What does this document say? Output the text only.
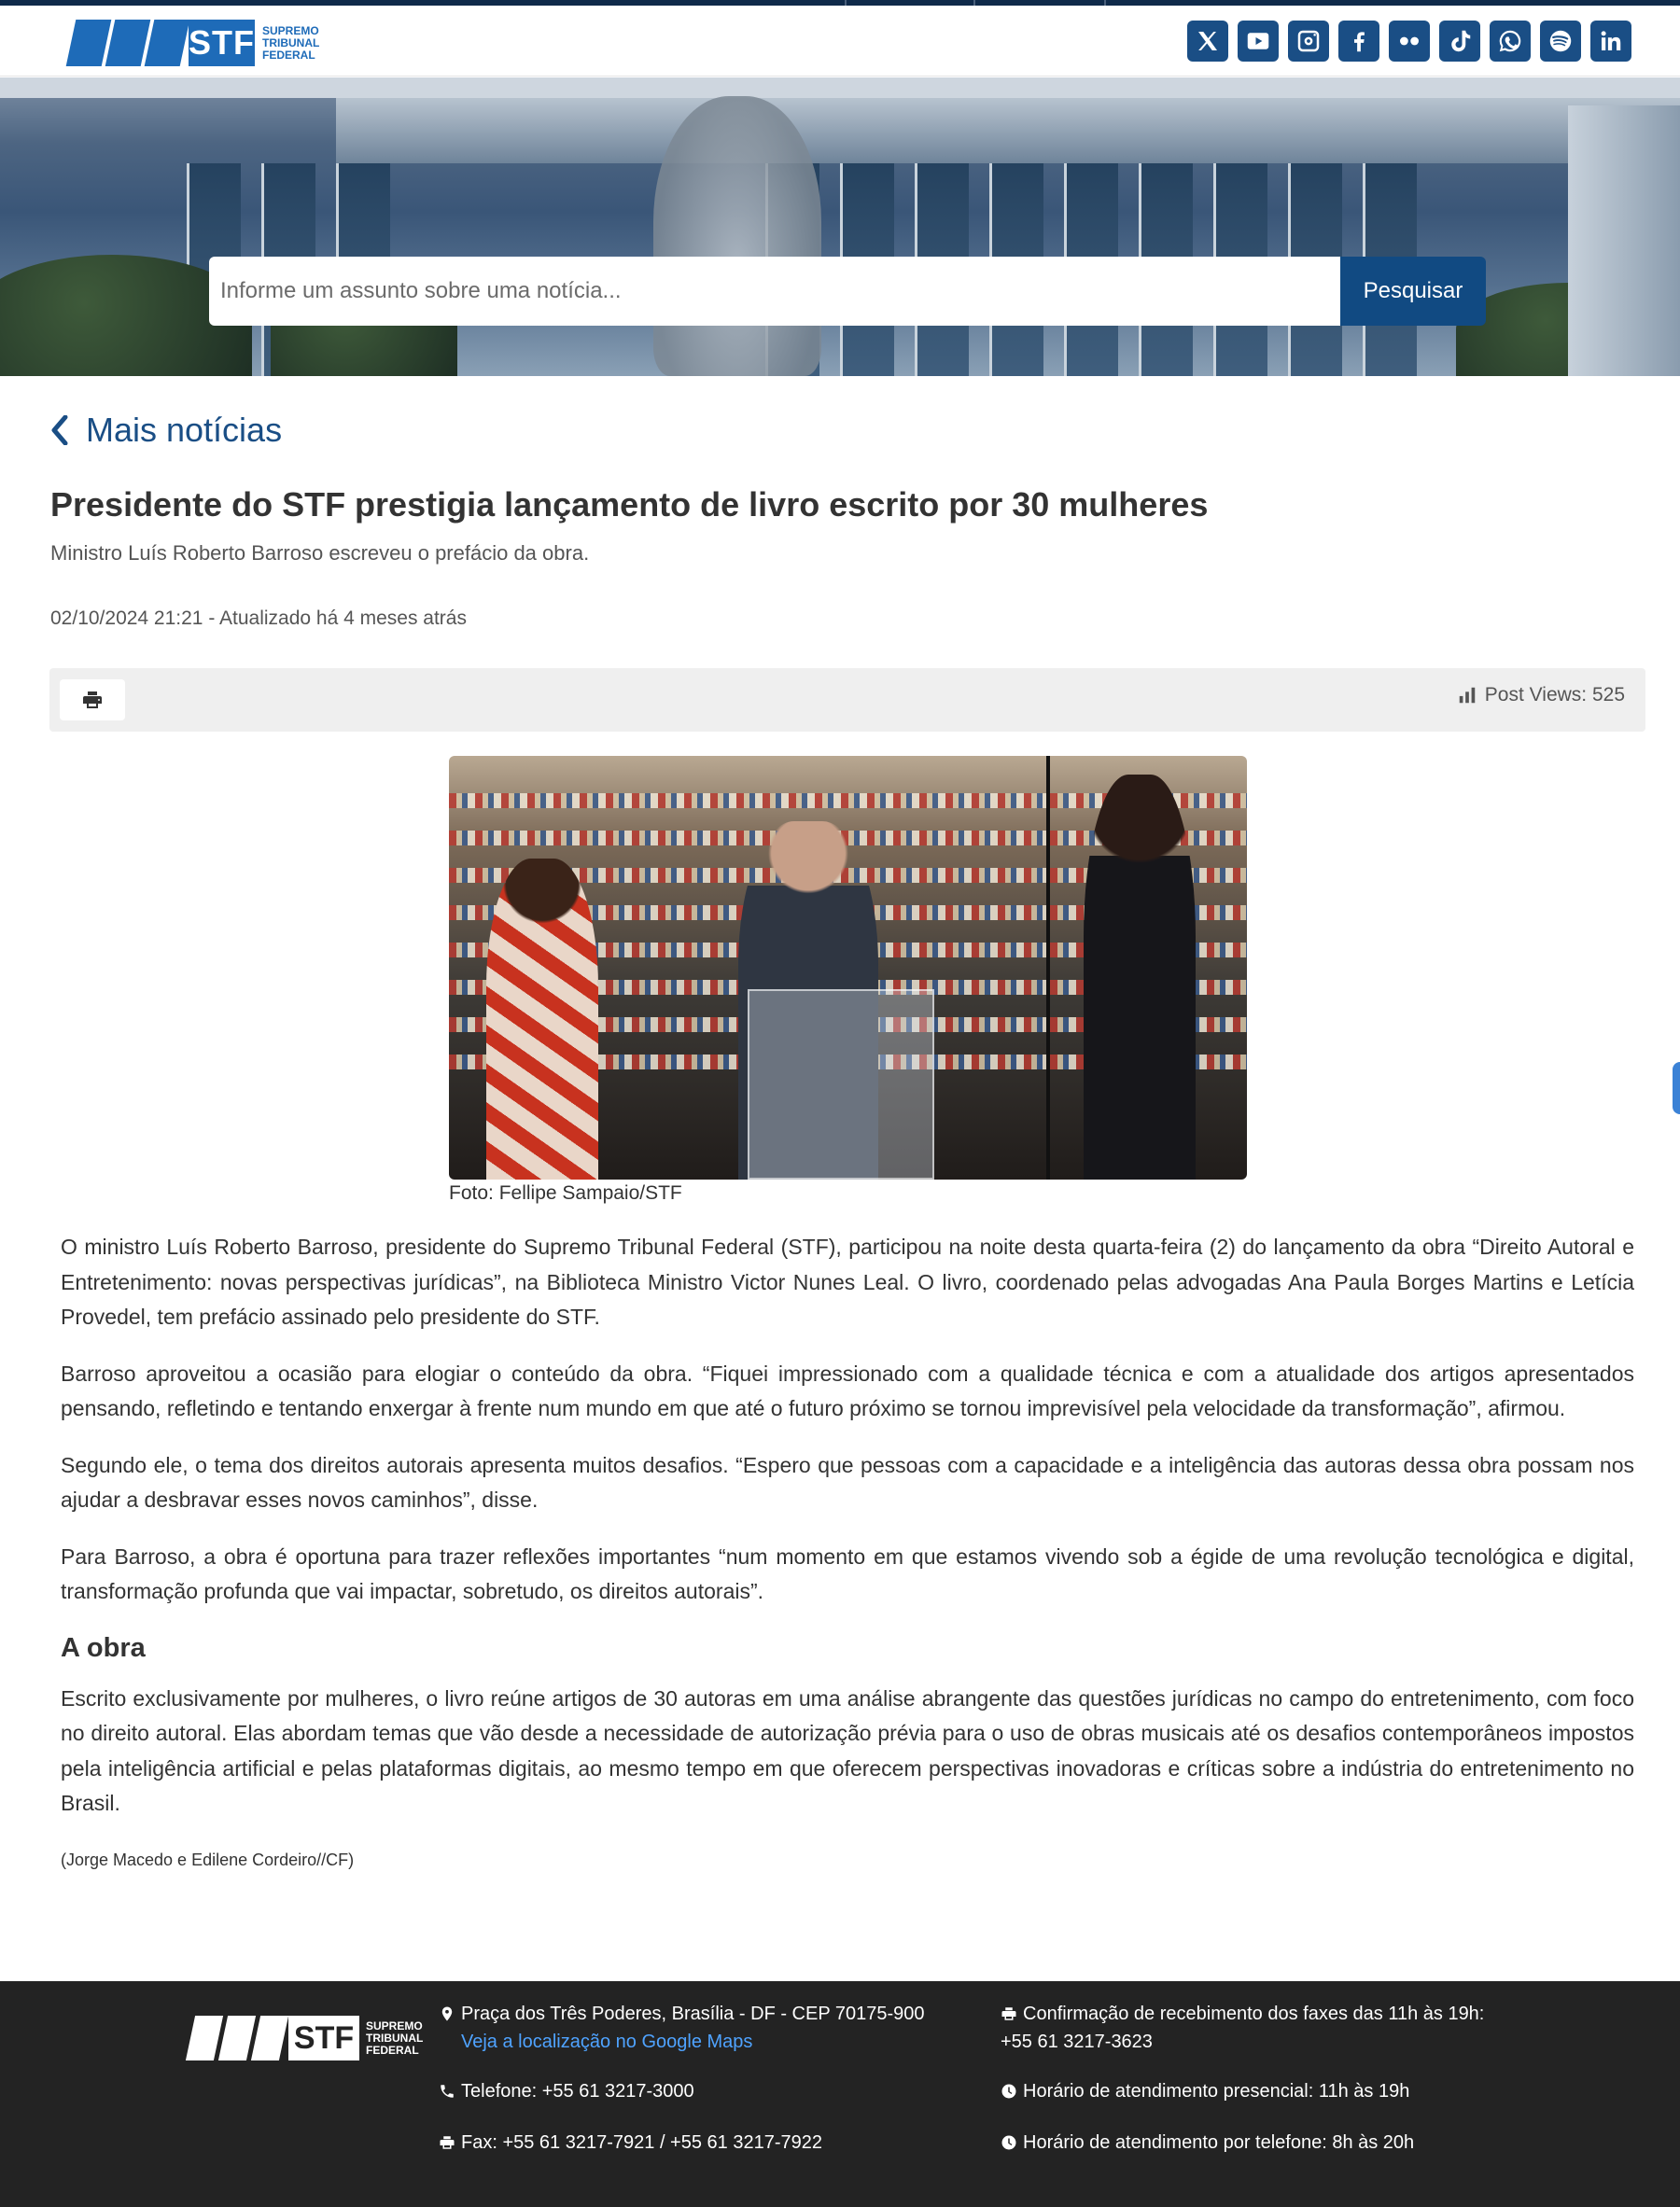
STF SUPREMO
TRIBUNAL
FEDERAL
Informe um assunto sobre uma notícia...
Pesquisar
Mais notícias
Presidente do STF prestigia lançamento de livro escrito por 30 mulheres
Ministro Luís Roberto Barroso escreveu o prefácio da obra.
02/10/2024 21:21 - Atualizado há 4 meses atrás
Post Views: 525
Foto: Fellipe Sampaio/STF

O ministro Luís Roberto Barroso, presidente do Supremo Tribunal Federal (STF), participou na noite desta quarta-feira (2) do lançamento da obra “Direito Autoral e Entretenimento: novas perspectivas jurídicas”, na Biblioteca Ministro Victor Nunes Leal. O livro, coordenado pelas advogadas Ana Paula Borges Martins e Letícia Provedel, tem prefácio assinado pelo presidente do STF.

Barroso aproveitou a ocasião para elogiar o conteúdo da obra. “Fiquei impressionado com a qualidade técnica e com a atualidade dos artigos apresentados pensando, refletindo e tentando enxergar à frente num mundo em que até o futuro próximo se tornou imprevisível pela velocidade da transformação”, afirmou.

Segundo ele, o tema dos direitos autorais apresenta muitos desafios. “Espero que pessoas com a capacidade e a inteligência das autoras dessa obra possam nos ajudar a desbravar esses novos caminhos”, disse.

Para Barroso, a obra é oportuna para trazer reflexões importantes “num momento em que estamos vivendo sob a égide de uma revolução tecnológica e digital, transformação profunda que vai impactar, sobretudo, os direitos autorais”.

A obra

Escrito exclusivamente por mulheres, o livro reúne artigos de 30 autoras em uma análise abrangente das questões jurídicas no campo do entretenimento, com foco no direito autoral. Elas abordam temas que vão desde a necessidade de autorização prévia para o uso de obras musicais até os desafios contemporâneos impostos pela inteligência artificial e pelas plataformas digitais, ao mesmo tempo em que oferecem perspectivas inovadoras e críticas sobre a indústria do entretenimento no Brasil.

(Jorge Macedo e Edilene Cordeiro//CF)
STF	SUPREMO
TRIBUNAL
FEDERAL
Praça dos Três Poderes, Brasília - DF - CEP 70175-900
Veja a localização no Google Maps
Telefone: +55 61 3217-3000
Fax: +55 61 3217-7921 / +55 61 3217-7922
Confirmação de recebimento dos faxes das 11h às 19h:
+55 61 3217-3623
Horário de atendimento presencial: 11h às 19h
Horário de atendimento por telefone: 8h às 20h
